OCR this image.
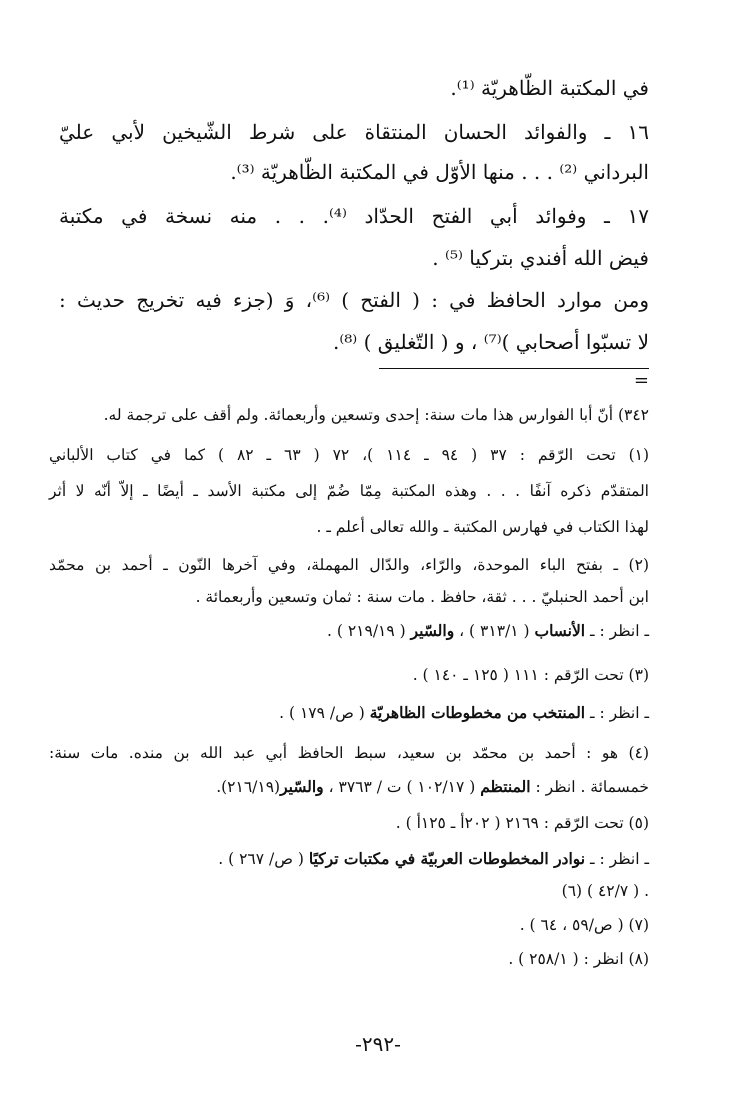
في المكتبة الظّاهريّة ⁽¹⁾.
١٦ ـ والفوائد الحسان المنتقاة على شرط الشّيخين لأبي عليّ
البرداني ⁽²⁾ . . . منها الأوّل في المكتبة الظّاهريّة ⁽³⁾.
١٧ ـ وفوائد أبي الفتح الحدّاد ⁽⁴⁾. . . منه نسخة في مكتبة
فيض الله أفندي بتركيا ⁽⁵⁾ .
ومن موارد الحافظ في : ( الفتح ) ⁽⁶⁾، وَ (جزء فيه تخريج حديث :
لا تسبّوا أصحابي )⁽⁷⁾ ، و ( التّغليق ) ⁽⁸⁾.
=
٣٤٢) أنّ أبا الفوارس هذا مات سنة: إحدى وتسعين وأربعمائة. ولم أقف على ترجمة له.
(١) تحت الرّقم : ٣٧ ( ٩٤ ـ ١١٤ )، ٧٢ ( ٦٣ ـ ٨٢ ) كما في كتاب الألباني
المتقدّم ذكره آنفًا . . . وهذه المكتبة مِمّا ضُمّ إلى مكتبة الأسد ـ أيضًا ـ إلاّ أنّه لا أثر
لهذا الكتاب في فهارس المكتبة ـ والله تعالى أعلم ـ .
(٢) ـ بفتح الباء الموحدة، والرّاء، والدّال المهملة، وفي آخرها النّون ـ أحمد بن محمّد
ابن أحمد الحنبليّ . . . ثقة، حافظ . مات سنة : ثمان وتسعين وأربعمائة .
ـ انظر : ـ الأنساب ( ٣١٣/١ ) ، والسّير ( ٢١٩/١٩ ) .
(٣) تحت الرّقم : ١١١ ( ١٢٥ ـ ١٤٠ ) .
ـ انظر : ـ المنتخب من مخطوطات الظاهريّة ( ص/ ١٧٩ ) .
(٤) هو : أحمد بن محمّد بن سعيد، سبط الحافظ أبي عبد الله بن منده. مات سنة:
خمسمائة . انظر : المنتظم ( ١٠٢/١٧ ) ت / ٣٧٦٣ ، والسّير(٢١٦/١٩).
(٥) تحت الرّقم : ٢١٦٩ ( ٢٠٢أ ـ ١٢٥أ ) .
ـ انظر : ـ نوادر المخطوطات العربيّة في مكتبات تركيًا ( ص/ ٢٦٧ ) .
(٦) ( ٤٢/٧ ) .
(٧) ( ص/٥٩ ، ٦٤ ) .
(٨) انظر : ( ٢٥٨/١ ) .
-٢٩٢-
